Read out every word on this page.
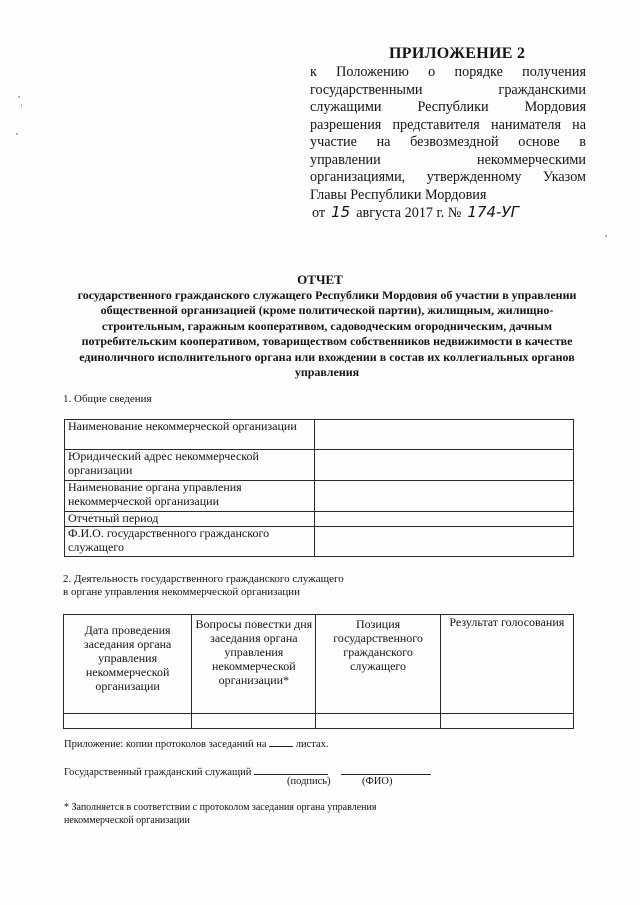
ПРИЛОЖЕНИЕ 2
к Положению о порядке получения государственными гражданскими служащими Республики Мордовия разрешения представителя нанимателя на участие на безвозмездной основе в управлении некоммерческими организациями, утвержденному Указом Главы Республики Мордовия
от 15 августа 2017 г. № 174-УГ
ОТЧЕТ
государственного гражданского служащего Республики Мордовия об участии в управлении общественной организацией (кроме политической партии), жилищным, жилищно-строительным, гаражным кооперативом, садоводческим огородническим, дачным потребительским кооперативом, товариществом собственников недвижимости в качестве единоличного исполнительного органа или вхождении в состав их коллегиальных органов управления
1. Общие сведения
Наименование некоммерческой организации	
Юридический адрес некоммерческой организации	
Наименование органа управления некоммерческой организации	
Отчетный период	
Ф.И.О. государственного гражданского служащего	
2. Деятельность государственного гражданского служащего
в органе управления некоммерческой организации
Дата проведения заседания органа управления некоммерческой организации	Вопросы повестки дня заседания органа управления некоммерческой организации*	Позиция государственного гражданского служащего	Результат голосования

Приложение: копии протоколов заседаний на	листах.
Государственный гражданский служащий
(подпись)	(ФИО)
* Заполняется в соответствии с протоколом заседания органа управления некоммерческой организации
